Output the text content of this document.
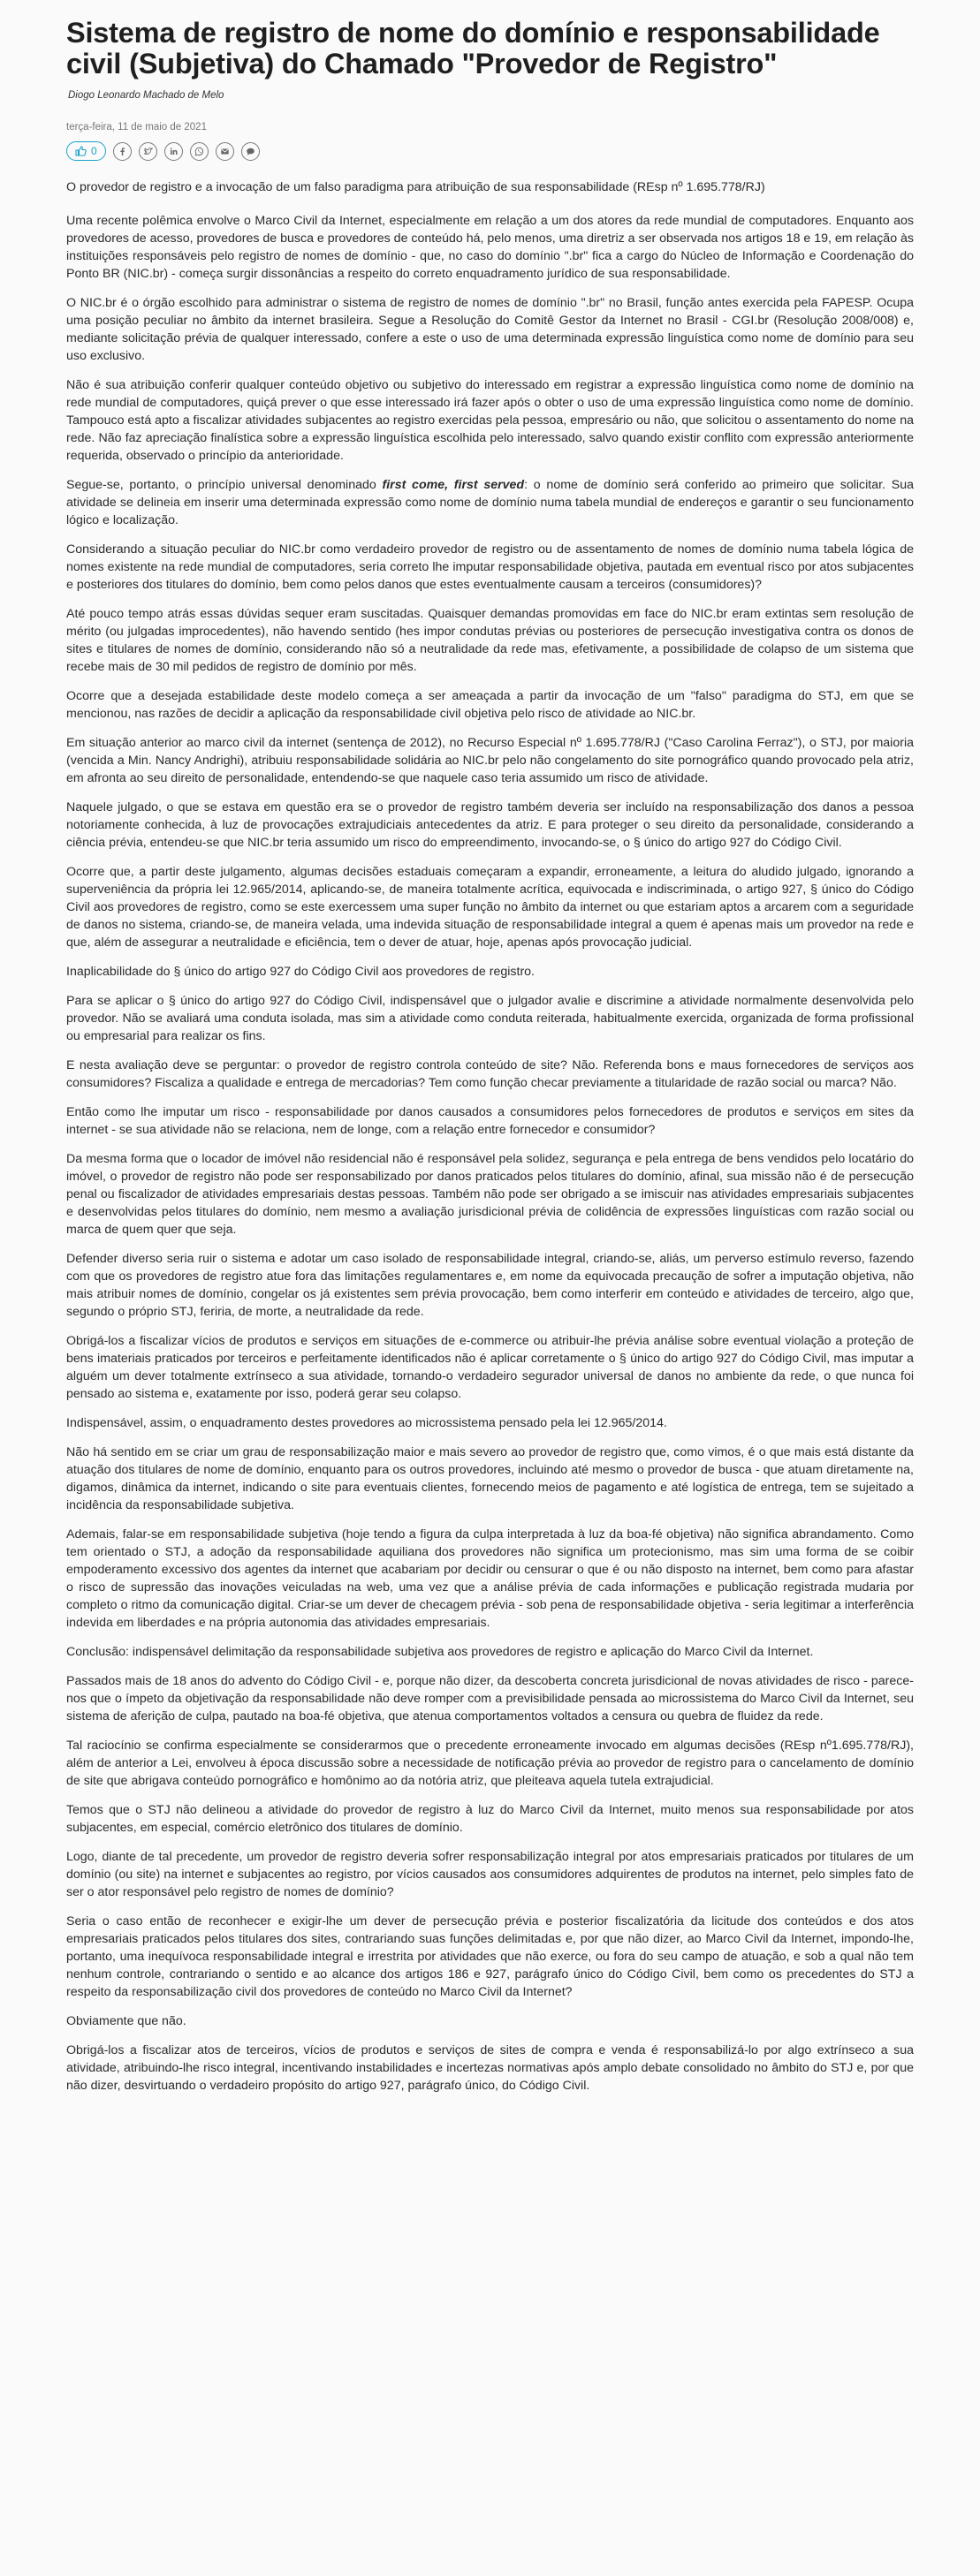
Sistema de registro de nome do domínio e responsabilidade civil (Subjetiva) do Chamado "Provedor de Registro"
Diogo Leonardo Machado de Melo
terça-feira, 11 de maio de 2021
0

O provedor de registro e a invocação de um falso paradigma para atribuição de sua responsabilidade (REsp nº 1.695.778/RJ)

Uma recente polêmica envolve o Marco Civil da Internet, especialmente em relação a um dos atores da rede mundial de computadores. Enquanto aos provedores de acesso, provedores de busca e provedores de conteúdo há, pelo menos, uma diretriz a ser observada nos artigos 18 e 19, em relação às instituições responsáveis pelo registro de nomes de domínio - que, no caso do domínio ".br" fica a cargo do Núcleo de Informação e Coordenação do Ponto BR (NIC.br) - começa surgir dissonâncias a respeito do correto enquadramento jurídico de sua responsabilidade.

O NIC.br é o órgão escolhido para administrar o sistema de registro de nomes de domínio ".br" no Brasil, função antes exercida pela FAPESP. Ocupa uma posição peculiar no âmbito da internet brasileira. Segue a Resolução do Comitê Gestor da Internet no Brasil - CGI.br (Resolução 2008/008) e, mediante solicitação prévia de qualquer interessado, confere a este o uso de uma determinada expressão linguística como nome de domínio para seu uso exclusivo.

Não é sua atribuição conferir qualquer conteúdo objetivo ou subjetivo do interessado em registrar a expressão linguística como nome de domínio na rede mundial de computadores, quiçá prever o que esse interessado irá fazer após o obter o uso de uma expressão linguística como nome de domínio. Tampouco está apto a fiscalizar atividades subjacentes ao registro exercidas pela pessoa, empresário ou não, que solicitou o assentamento do nome na rede. Não faz apreciação finalística sobre a expressão linguística escolhida pelo interessado, salvo quando existir conflito com expressão anteriormente requerida, observado o princípio da anterioridade.

Segue-se, portanto, o princípio universal denominado first come, first served: o nome de domínio será conferido ao primeiro que solicitar. Sua atividade se delineia em inserir uma determinada expressão como nome de domínio numa tabela mundial de endereços e garantir o seu funcionamento lógico e localização.

Considerando a situação peculiar do NIC.br como verdadeiro provedor de registro ou de assentamento de nomes de domínio numa tabela lógica de nomes existente na rede mundial de computadores, seria correto lhe imputar responsabilidade objetiva, pautada em eventual risco por atos subjacentes e posteriores dos titulares do domínio, bem como pelos danos que estes eventualmente causam a terceiros (consumidores)?

Até pouco tempo atrás essas dúvidas sequer eram suscitadas. Quaisquer demandas promovidas em face do NIC.br eram extintas sem resolução de mérito (ou julgadas improcedentes), não havendo sentido (hes impor condutas prévias ou posteriores de persecução investigativa contra os donos de sites e titulares de nomes de domínio, considerando não só a neutralidade da rede mas, efetivamente, a possibilidade de colapso de um sistema que recebe mais de 30 mil pedidos de registro de domínio por mês.

Ocorre que a desejada estabilidade deste modelo começa a ser ameaçada a partir da invocação de um "falso" paradigma do STJ, em que se mencionou, nas razões de decidir a aplicação da responsabilidade civil objetiva pelo risco de atividade ao NIC.br.

Em situação anterior ao marco civil da internet (sentença de 2012), no Recurso Especial nº 1.695.778/RJ ("Caso Carolina Ferraz"), o STJ, por maioria (vencida a Min. Nancy Andrighi), atribuiu responsabilidade solidária ao NIC.br pelo não congelamento do site pornográfico quando provocado pela atriz, em afronta ao seu direito de personalidade, entendendo-se que naquele caso teria assumido um risco de atividade.

Naquele julgado, o que se estava em questão era se o provedor de registro também deveria ser incluído na responsabilização dos danos a pessoa notoriamente conhecida, à luz de provocações extrajudiciais antecedentes da atriz. E para proteger o seu direito da personalidade, considerando a ciência prévia, entendeu-se que NIC.br teria assumido um risco do empreendimento, invocando-se, o § único do artigo 927 do Código Civil.

Ocorre que, a partir deste julgamento, algumas decisões estaduais começaram a expandir, erroneamente, a leitura do aludido julgado, ignorando a superveniência da própria lei 12.965/2014, aplicando-se, de maneira totalmente acrítica, equivocada e indiscriminada, o artigo 927, § único do Código Civil aos provedores de registro, como se este exercessem uma super função no âmbito da internet ou que estariam aptos a arcarem com a seguridade de danos no sistema, criando-se, de maneira velada, uma indevida situação de responsabilidade integral a quem é apenas mais um provedor na rede e que, além de assegurar a neutralidade e eficiência, tem o dever de atuar, hoje, apenas após provocação judicial.

Inaplicabilidade do § único do artigo 927 do Código Civil aos provedores de registro.

Para se aplicar o § único do artigo 927 do Código Civil, indispensável que o julgador avalie e discrimine a atividade normalmente desenvolvida pelo provedor. Não se avaliará uma conduta isolada, mas sim a atividade como conduta reiterada, habitualmente exercida, organizada de forma profissional ou empresarial para realizar os fins.

E nesta avaliação deve se perguntar: o provedor de registro controla conteúdo de site? Não. Referenda bons e maus fornecedores de serviços aos consumidores? Fiscaliza a qualidade e entrega de mercadorias? Tem como função checar previamente a titularidade de razão social ou marca? Não.

Então como lhe imputar um risco - responsabilidade por danos causados a consumidores pelos fornecedores de produtos e serviços em sites da internet - se sua atividade não se relaciona, nem de longe, com a relação entre fornecedor e consumidor?

Da mesma forma que o locador de imóvel não residencial não é responsável pela solidez, segurança e pela entrega de bens vendidos pelo locatário do imóvel, o provedor de registro não pode ser responsabilizado por danos praticados pelos titulares do domínio, afinal, sua missão não é de persecução penal ou fiscalizador de atividades empresariais destas pessoas. Também não pode ser obrigado a se imiscuir nas atividades empresariais subjacentes e desenvolvidas pelos titulares do domínio, nem mesmo a avaliação jurisdicional prévia de colidência de expressões linguísticas com razão social ou marca de quem quer que seja.

Defender diverso seria ruir o sistema e adotar um caso isolado de responsabilidade integral, criando-se, aliás, um perverso estímulo reverso, fazendo com que os provedores de registro atue fora das limitações regulamentares e, em nome da equivocada precaução de sofrer a imputação objetiva, não mais atribuir nomes de domínio, congelar os já existentes sem prévia provocação, bem como interferir em conteúdo e atividades de terceiro, algo que, segundo o próprio STJ, feriria, de morte, a neutralidade da rede.

Obrigá-los a fiscalizar vícios de produtos e serviços em situações de e-commerce ou atribuir-lhe prévia análise sobre eventual violação a proteção de bens imateriais praticados por terceiros e perfeitamente identificados não é aplicar corretamente o § único do artigo 927 do Código Civil, mas imputar a alguém um dever totalmente extrínseco a sua atividade, tornando-o verdadeiro segurador universal de danos no ambiente da rede, o que nunca foi pensado ao sistema e, exatamente por isso, poderá gerar seu colapso.

Indispensável, assim, o enquadramento destes provedores ao microssistema pensado pela lei 12.965/2014.

Não há sentido em se criar um grau de responsabilização maior e mais severo ao provedor de registro que, como vimos, é o que mais está distante da atuação dos titulares de nome de domínio, enquanto para os outros provedores, incluindo até mesmo o provedor de busca - que atuam diretamente na, digamos, dinâmica da internet, indicando o site para eventuais clientes, fornecendo meios de pagamento e até logística de entrega, tem se sujeitado a incidência da responsabilidade subjetiva.

Ademais, falar-se em responsabilidade subjetiva (hoje tendo a figura da culpa interpretada à luz da boa-fé objetiva) não significa abrandamento. Como tem orientado o STJ, a adoção da responsabilidade aquiliana dos provedores não significa um protecionismo, mas sim uma forma de se coibir empoderamento excessivo dos agentes da internet que acabariam por decidir ou censurar o que é ou não disposto na internet, bem como para afastar o risco de supressão das inovações veiculadas na web, uma vez que a análise prévia de cada informações e publicação registrada mudaria por completo o ritmo da comunicação digital. Criar-se um dever de checagem prévia - sob pena de responsabilidade objetiva - seria legitimar a interferência indevida em liberdades e na própria autonomia das atividades empresariais.

Conclusão: indispensável delimitação da responsabilidade subjetiva aos provedores de registro e aplicação do Marco Civil da Internet.

Passados mais de 18 anos do advento do Código Civil - e, porque não dizer, da descoberta concreta jurisdicional de novas atividades de risco - parece-nos que o ímpeto da objetivação da responsabilidade não deve romper com a previsibilidade pensada ao microssistema do Marco Civil da Internet, seu sistema de aferição de culpa, pautado na boa-fé objetiva, que atenua comportamentos voltados a censura ou quebra de fluidez da rede.

Tal raciocínio se confirma especialmente se considerarmos que o precedente erroneamente invocado em algumas decisões (REsp nº1.695.778/RJ), além de anterior a Lei, envolveu à época discussão sobre a necessidade de notificação prévia ao provedor de registro para o cancelamento de domínio de site que abrigava conteúdo pornográfico e homônimo ao da notória atriz, que pleiteava aquela tutela extrajudicial.

Temos que o STJ não delineou a atividade do provedor de registro à luz do Marco Civil da Internet, muito menos sua responsabilidade por atos subjacentes, em especial, comércio eletrônico dos titulares de domínio.

Logo, diante de tal precedente, um provedor de registro deveria sofrer responsabilização integral por atos empresariais praticados por titulares de um domínio (ou site) na internet e subjacentes ao registro, por vícios causados aos consumidores adquirentes de produtos na internet, pelo simples fato de ser o ator responsável pelo registro de nomes de domínio?

Seria o caso então de reconhecer e exigir-lhe um dever de persecução prévia e posterior fiscalizatória da licitude dos conteúdos e dos atos empresariais praticados pelos titulares dos sites, contrariando suas funções delimitadas e, por que não dizer, ao Marco Civil da Internet, impondo-lhe, portanto, uma inequívoca responsabilidade integral e irrestrita por atividades que não exerce, ou fora do seu campo de atuação, e sob a qual não tem nenhum controle, contrariando o sentido e ao alcance dos artigos 186 e 927, parágrafo único do Código Civil, bem como os precedentes do STJ a respeito da responsabilização civil dos provedores de conteúdo no Marco Civil da Internet?

Obviamente que não.

Obrigá-los a fiscalizar atos de terceiros, vícios de produtos e serviços de sites de compra e venda é responsabilizá-lo por algo extrínseco a sua atividade, atribuindo-lhe risco integral, incentivando instabilidades e incertezas normativas após amplo debate consolidado no âmbito do STJ e, por que não dizer, desvirtuando o verdadeiro propósito do artigo 927, parágrafo único, do Código Civil.
